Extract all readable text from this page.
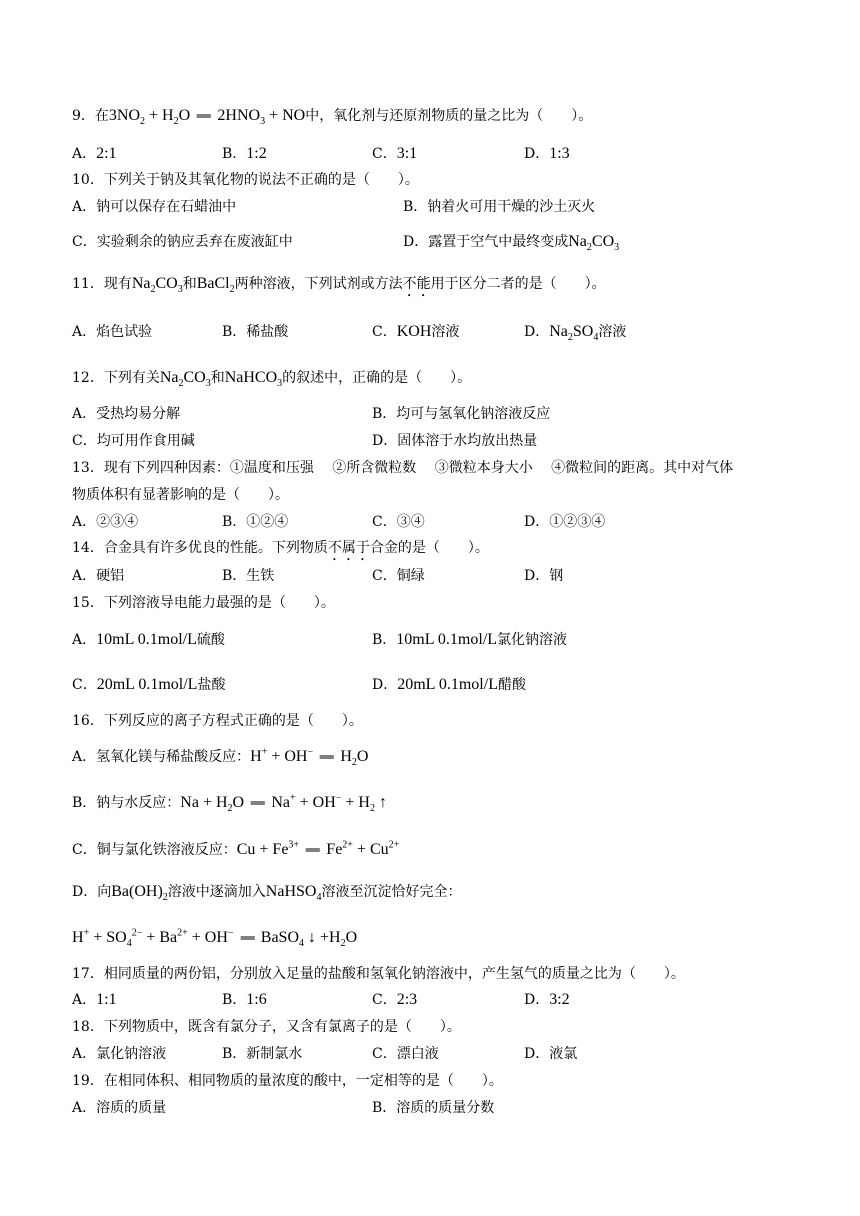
9．在$3NO_2 + H_2O$ ═ $2HNO_3$ + NO中，氧化剂与还原剂物质的量之比为（　　）。
A．2:1	B．1:2	C．3:1	D．1:3
10．下列关于钠及其氧化物的说法不正确的是（　　）。
A．钠可以保存在石蜡油中	B．钠着火可用干燥的沙土灭火
C．实验剩余的钠应丢弃在废液缸中	D．露置于空气中最终变成$Na_2CO_3$
11．现有$Na_2CO_3$和BaCl$_2$两种溶液，下列试剂或方法不能用于区分二者的是（　　）。
A．焰色试验	B．稀盐酸	C．KOH溶液	D．$Na_2SO_4$溶液
12．下列有关$Na_2CO_3$和NaHCO$_3$的叙述中，正确的是（　　）。
A．受热均易分解	B．均可与氢氧化钠溶液反应
C．均可用作食用碱	D．固体溶于水均放出热量
13．现有下列四种因素：①温度和压强　 ②所含微粒数　 ③微粒本身大小　 ④微粒间的距离。其中对气体
物质体积有显著影响的是（　　）。
A．②③④	B．①②④	C．③④	D．①②③④
14．合金具有许多优良的性能。下列物质不属于合金的是（　　）。
A．硬铝	B．生铁	C．铜绿	D．钢
15．下列溶液导电能力最强的是（　　）。
A．10mL 0.1mol/L硫酸	B．10mL 0.1mol/L氯化钠溶液
C．20mL 0.1mol/L盐酸	D．20mL 0.1mol/L醋酸
16．下列反应的离子方程式正确的是（　　）。
A．氢氧化镁与稀盐酸反应：H+ + OH− ═ $H_2O$
B．钠与水反应：$Na + H_2O$ ═ $Na^+ + OH^- + H_2$ ↑
C．铜与氯化铁溶液反应：$Cu + Fe^{3+}$ ═ $Fe^{2+} + Cu^{2+}$
D．向$Ba(OH)_2$溶液中逐滴加入NaHSO$_4$溶液至沉淀恰好完全：
$H^+ + SO_4^{2-} + Ba^{2+} + OH^-$ ═ BaSO$_4$ ↓ $+H_2O$
17．相同质量的两份铝，分别放入足量的盐酸和氢氧化钠溶液中，产生氢气的质量之比为（　　）。
A．1:1	B．1:6	C．2:3	D．3:2
18．下列物质中，既含有氯分子，又含有氯离子的是（　　）。
A．氯化钠溶液	B．新制氯水	C．漂白液	D．液氯
19．在相同体积、相同物质的量浓度的酸中，一定相等的是（　　）。
A．溶质的质量	B．溶质的质量分数
